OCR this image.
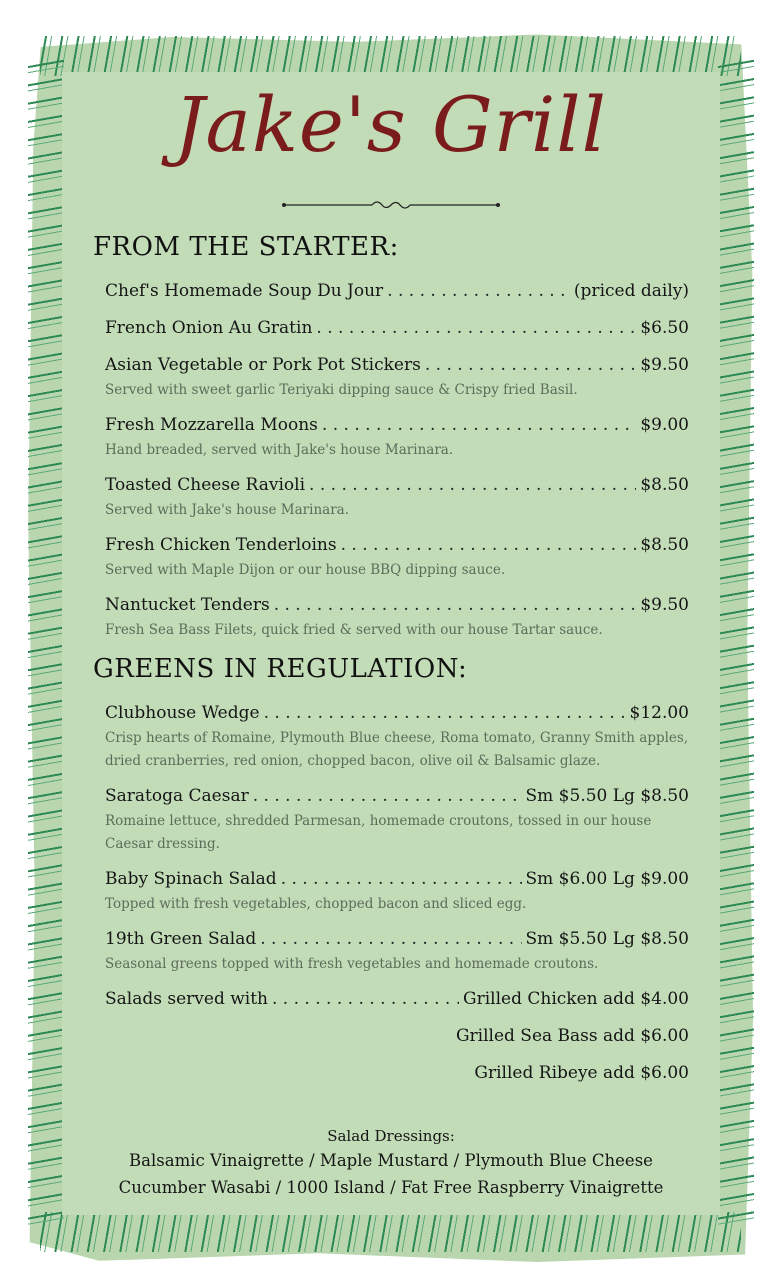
Jake's Grill
FROM THE STARTER:
Chef's Homemade Soup Du Jour . . .	(priced daily)
French Onion Au Gratin . . .	$6.50
Asian Vegetable or Pork Pot Stickers . . .	$9.50
Served with sweet garlic Teriyaki dipping sauce & Crispy fried Basil.
Fresh Mozzarella Moons . . .	$9.00
Hand breaded, served with Jake's house Marinara.
Toasted Cheese Ravioli . . .	$8.50
Served with Jake's house Marinara.
Fresh Chicken Tenderloins . . .	$8.50
Served with Maple Dijon or our house BBQ dipping sauce.
Nantucket Tenders . . .	$9.50
Fresh Sea Bass Filets, quick fried & served with our house Tartar sauce.
GREENS IN REGULATION:
Clubhouse Wedge . . .	$12.00
Crisp hearts of Romaine, Plymouth Blue cheese, Roma tomato, Granny Smith apples, dried cranberries, red onion, chopped bacon, olive oil & Balsamic glaze.
Saratoga Caesar . . .	Sm $5.50 Lg $8.50
Romaine lettuce, shredded Parmesan, homemade croutons, tossed in our house Caesar dressing.
Baby Spinach Salad . . .	Sm $6.00 Lg $9.00
Topped with fresh vegetables, chopped bacon and sliced egg.
19th Green Salad . . .	Sm $5.50 Lg $8.50
Seasonal greens topped with fresh vegetables and homemade croutons.
Salads served with . . .	Grilled Chicken add $4.00
Grilled Sea Bass add $6.00
Grilled Ribeye add $6.00
Salad Dressings:
Balsamic Vinaigrette / Maple Mustard / Plymouth Blue Cheese
Cucumber Wasabi / 1000 Island / Fat Free Raspberry Vinaigrette
